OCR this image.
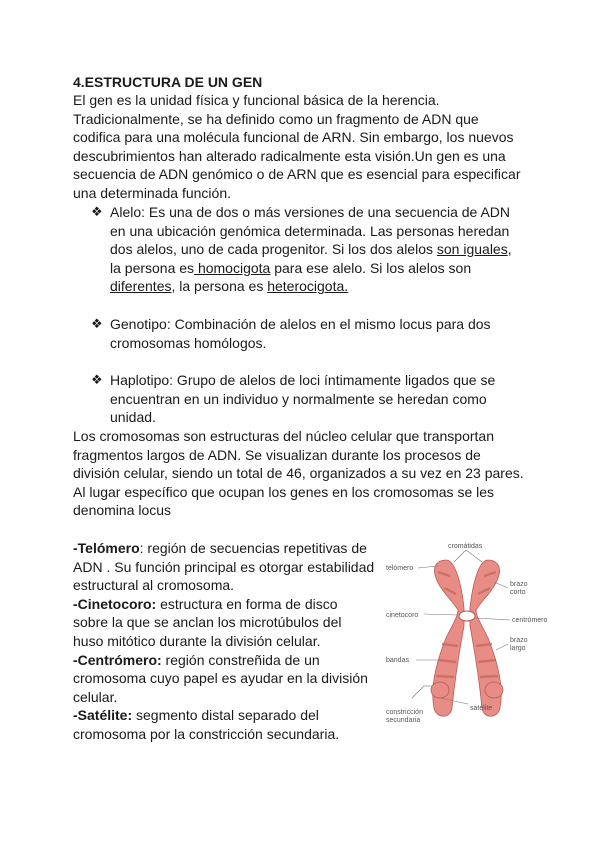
4.ESTRUCTURA DE UN GEN
El gen es la unidad física y funcional básica de la herencia.
Tradicionalmente, se ha definido como un fragmento de ADN que
codifica para una molécula funcional de ARN. Sin embargo, los nuevos
descubrimientos han alterado radicalmente esta visión.Un gen es una
secuencia de ADN genómico o de ARN que es esencial para especificar
una determinada función.
❖ Alelo: Es una de dos o más versiones de una secuencia de ADN
en una ubicación genómica determinada. Las personas heredan
dos alelos, uno de cada progenitor. Si los dos alelos son iguales,
la persona es homocigota para ese alelo. Si los alelos son
diferentes, la persona es heterocigota.
❖ Genotipo: Combinación de alelos en el mismo locus para dos
cromosomas homólogos.
❖ Haplotipo: Grupo de alelos de loci íntimamente ligados que se
encuentran en un individuo y normalmente se heredan como
unidad.
Los cromosomas son estructuras del núcleo celular que transportan
fragmentos largos de ADN. Se visualizan durante los procesos de
división celular, siendo un total de 46, organizados a su vez en 23 pares.
Al lugar específico que ocupan los genes en los cromosomas se les
denomina locus
-Telómero: región de secuencias repetitivas de
ADN . Su función principal es otorgar estabilidad
estructural al cromosoma.
-Cinetocoro: estructura en forma de disco
sobre la que se anclan los microtúbulos del
huso mitótico durante la división celular.
-Centrómero: región constreñida de un
cromosoma cuyo papel es ayudar en la división
celular.
-Satélite: segmento distal separado del
cromosoma por la constricción secundaria.
cromátidas
telómero
brazo
corto
cinetocoro
centrómero
brazo
largo
bandas
constricción
secundaria
satélite
